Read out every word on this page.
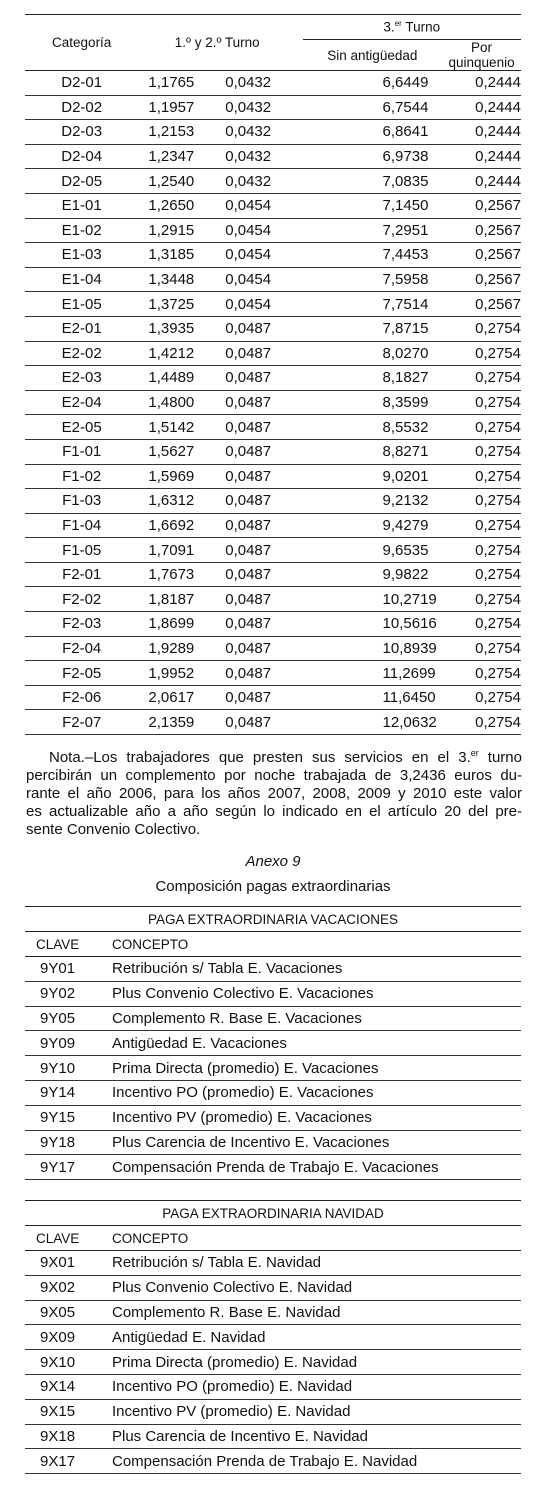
Categoría	1.º y 2.º Turno			3.$^{er}$ Turno	
				Sin antigüedad	Por quinquenio
D2-01	1,1765	0,0432		6,6449	0,2444
D2-02	1,1957	0,0432		6,7544	0,2444
D2-03	1,2153	0,0432		6,8641	0,2444
D2-04	1,2347	0,0432		6,9738	0,2444
D2-05	1,2540	0,0432		7,0835	0,2444
E1-01	1,2650	0,0454		7,1450	0,2567
E1-02	1,2915	0,0454		7,2951	0,2567
E1-03	1,3185	0,0454		7,4453	0,2567
E1-04	1,3448	0,0454		7,5958	0,2567
E1-05	1,3725	0,0454		7,7514	0,2567
E2-01	1,3935	0,0487		7,8715	0,2754
E2-02	1,4212	0,0487		8,0270	0,2754
E2-03	1,4489	0,0487		8,1827	0,2754
E2-04	1,4800	0,0487		8,3599	0,2754
E2-05	1,5142	0,0487		8,5532	0,2754
F1-01	1,5627	0,0487		8,8271	0,2754
F1-02	1,5969	0,0487		9,0201	0,2754
F1-03	1,6312	0,0487		9,2132	0,2754
F1-04	1,6692	0,0487		9,4279	0,2754
F1-05	1,7091	0,0487		9,6535	0,2754
F2-01	1,7673	0,0487		9,9822	0,2754
F2-02	1,8187	0,0487		10,2719	0,2754
F2-03	1,8699	0,0487		10,5616	0,2754
F2-04	1,9289	0,0487		10,8939	0,2754
F2-05	1,9952	0,0487		11,2699	0,2754
F2-06	2,0617	0,0487		11,6450	0,2754
F2-07	2,1359	0,0487		12,0632	0,2754
Nota.–Los trabajadores que presten sus servicios en el 3.$^{er}$ turno
percibirán un complemento por noche trabajada de 3,2436 euros du-
rante el año 2006, para los años 2007, 2008, 2009 y 2010 este valor
es actualizable año a año según lo indicado en el artículo 20 del pre-
sente Convenio Colectivo.
Anexo 9
Composición pagas extraordinarias
PAGA EXTRAORDINARIA VACACIONES	
CLAVE	CONCEPTO
9Y01	Retribución s/ Tabla E. Vacaciones
9Y02	Plus Convenio Colectivo E. Vacaciones
9Y05	Complemento R. Base E. Vacaciones
9Y09	Antigüedad E. Vacaciones
9Y10	Prima Directa (promedio) E. Vacaciones
9Y14	Incentivo PO (promedio) E. Vacaciones
9Y15	Incentivo PV (promedio) E. Vacaciones
9Y18	Plus Carencia de Incentivo E. Vacaciones
9Y17	Compensación Prenda de Trabajo E. Vacaciones
PAGA EXTRAORDINARIA NAVIDAD	
CLAVE	CONCEPTO
9X01	Retribución s/ Tabla E. Navidad
9X02	Plus Convenio Colectivo E. Navidad
9X05	Complemento R. Base E. Navidad
9X09	Antigüedad E. Navidad
9X10	Prima Directa (promedio) E. Navidad
9X14	Incentivo PO (promedio) E. Navidad
9X15	Incentivo PV (promedio) E. Navidad
9X18	Plus Carencia de Incentivo E. Navidad
9X17	Compensación Prenda de Trabajo E. Navidad
